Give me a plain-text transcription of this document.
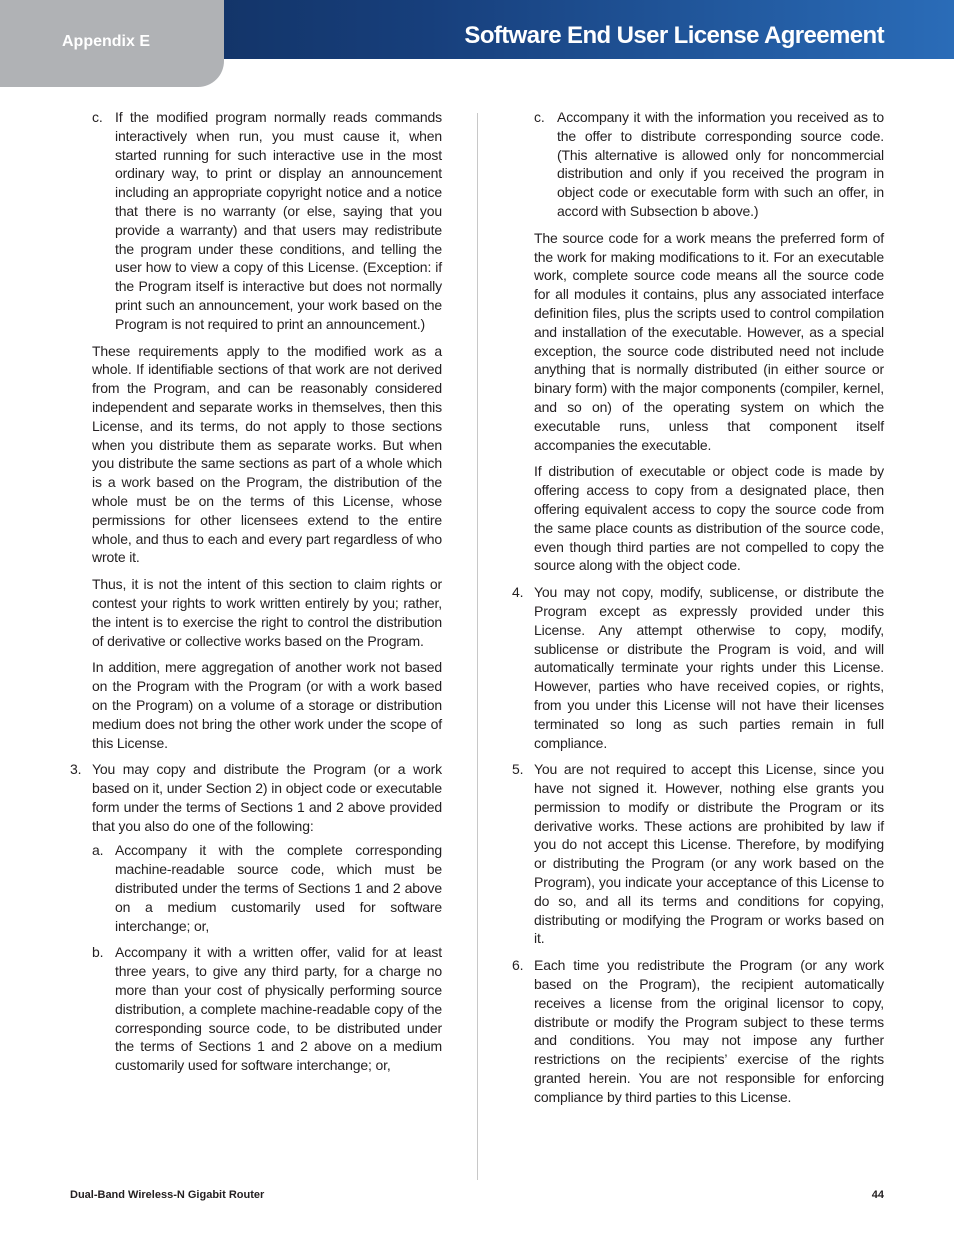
Appendix E	Software End User License Agreement
c. If the modified program normally reads commands interactively when run, you must cause it, when started running for such interactive use in the most ordinary way, to print or display an announcement including an appropriate copyright notice and a notice that there is no warranty (or else, saying that you provide a warranty) and that users may redistribute the program under these conditions, and telling the user how to view a copy of this License. (Exception: if the Program itself is interactive but does not normally print such an announcement, your work based on the Program is not required to print an announcement.)
These requirements apply to the modified work as a whole. If identifiable sections of that work are not derived from the Program, and can be reasonably considered independent and separate works in themselves, then this License, and its terms, do not apply to those sections when you distribute them as separate works. But when you distribute the same sections as part of a whole which is a work based on the Program, the distribution of the whole must be on the terms of this License, whose permissions for other licensees extend to the entire whole, and thus to each and every part regardless of who wrote it.
Thus, it is not the intent of this section to claim rights or contest your rights to work written entirely by you; rather, the intent is to exercise the right to control the distribution of derivative or collective works based on the Program.
In addition, mere aggregation of another work not based on the Program with the Program (or with a work based on the Program) on a volume of a storage or distribution medium does not bring the other work under the scope of this License.
3. You may copy and distribute the Program (or a work based on it, under Section 2) in object code or executable form under the terms of Sections 1 and 2 above provided that you also do one of the following:
a. Accompany it with the complete corresponding machine-readable source code, which must be distributed under the terms of Sections 1 and 2 above on a medium customarily used for software interchange; or,
b. Accompany it with a written offer, valid for at least three years, to give any third party, for a charge no more than your cost of physically performing source distribution, a complete machine-readable copy of the corresponding source code, to be distributed under the terms of Sections 1 and 2 above on a medium customarily used for software interchange; or,
c. Accompany it with the information you received as to the offer to distribute corresponding source code. (This alternative is allowed only for noncommercial distribution and only if you received the program in object code or executable form with such an offer, in accord with Subsection b above.)
The source code for a work means the preferred form of the work for making modifications to it. For an executable work, complete source code means all the source code for all modules it contains, plus any associated interface definition files, plus the scripts used to control compilation and installation of the executable. However, as a special exception, the source code distributed need not include anything that is normally distributed (in either source or binary form) with the major components (compiler, kernel, and so on) of the operating system on which the executable runs, unless that component itself accompanies the executable.
If distribution of executable or object code is made by offering access to copy from a designated place, then offering equivalent access to copy the source code from the same place counts as distribution of the source code, even though third parties are not compelled to copy the source along with the object code.
4. You may not copy, modify, sublicense, or distribute the Program except as expressly provided under this License. Any attempt otherwise to copy, modify, sublicense or distribute the Program is void, and will automatically terminate your rights under this License. However, parties who have received copies, or rights, from you under this License will not have their licenses terminated so long as such parties remain in full compliance.
5. You are not required to accept this License, since you have not signed it. However, nothing else grants you permission to modify or distribute the Program or its derivative works. These actions are prohibited by law if you do not accept this License. Therefore, by modifying or distributing the Program (or any work based on the Program), you indicate your acceptance of this License to do so, and all its terms and conditions for copying, distributing or modifying the Program or works based on it.
6. Each time you redistribute the Program (or any work based on the Program), the recipient automatically receives a license from the original licensor to copy, distribute or modify the Program subject to these terms and conditions. You may not impose any further restrictions on the recipients’ exercise of the rights granted herein. You are not responsible for enforcing compliance by third parties to this License.
Dual-Band Wireless-N Gigabit Router	44
